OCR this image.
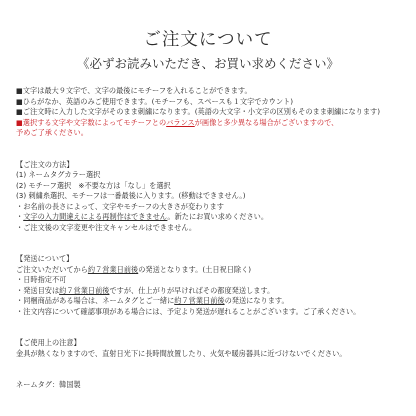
ご注文について

《必ずお読みいただき、お買い求めください》

■文字は最大９文字で、文字の最後にモチーフを入れることができます。

■ひらがなか、英語のみご使用できます。(モチーフも、スペースも１文字でカウント)

■ご注文時に入力した文字がそのまま刺繍になります。(英語の大文字・小文字の区別もそのまま刺繍になります)

■選択する文字や文字数によってモチーフとのバランスが画像と多少異なる場合がございますので、

予めご了承ください。

【ご注文の方法】

(1) ネームタグカラー選択

(2) モチーフ選択　※不要な方は「なし」を選択

(3) 刺繍糸選択、モチーフは一番最後に入ります。(移動はできません。)

・お名前の長さによって、文字やモチーフの大きさが変わります

・文字の入力間違えによる再制作はできません。新たにお買い求めください。

・ご注文後の文字変更や注文キャンセルはできません。

【発送について】

ご注文いただいてから約７営業日前後の発送となります。(土日祝日除く)

・日時指定不可

・発送目安は約７営業日前後ですが、仕上がりが早ければその都度発送します。

・同梱商品がある場合は、ネームタグとご一緒に約７営業日前後の発送になります。

・注文内容について確認事項がある場合には、予定より発送が遅れることがございます。ご了承ください。

【ご使用上の注意】

金具が熱くなりますので、直射日光下に長時間放置したり、火気や暖房器具に近づけないでください。

ネームタグ：韓国製
